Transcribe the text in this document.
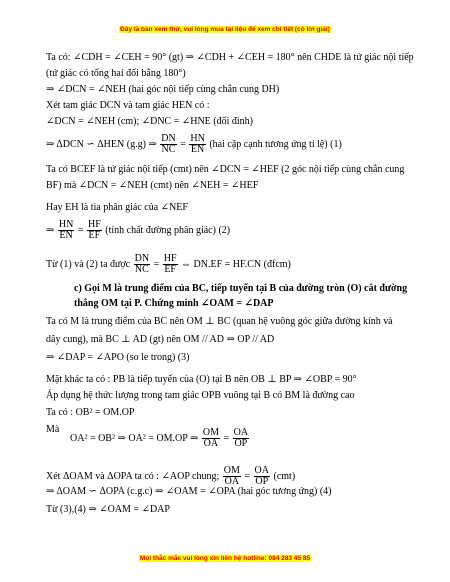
Đây là bản xem thử, vui lòng mua tài liệu để xem chi tiết (có lời giải)
Ta có: ∠CDH = ∠CEH = 90° (gt) ⇒ ∠CDH + ∠CEH = 180° nên CHDE là tứ giác nội tiếp
(tứ giác có tổng hai đối bằng 180°)
⇒ ∠DCN = ∠NEH (hai góc nội tiếp cùng chắn cung DH)
Xét tam giác DCN và tam giác HEN có :
∠DCN = ∠NEH (cm); ∠DNC = ∠HNE (đối đỉnh)
⇒ ΔDCN ∽ ΔHEN (g.g) ⇒ $\frac{DN}{NC} = \frac{HN}{EN} (hai$ cặp cạnh tương ứng tỉ lệ) (1)
Ta có BCEF là tứ giác nội tiếp (cmt) nên ∠DCN = ∠HEF (2 góc nội tiếp cùng chắn cung
BF) mà ∠DCN = ∠NEH (cmt) nên ∠NEH = ∠HEF
Hay EH là tia phân giác của ∠NEF
⇒ $\frac{HN}{EN} = \frac{HF}{EF}$ (tính chất đường phân giác) (2)
Từ (1) và (2) ta được $\frac{DN}{NC} = \frac{HF}{EF}$ ⇔ DN.EF = HF.CN (đfcm)
c) Gọi M là trung điểm của BC, tiếp tuyến tại B của đường tròn (O) cắt đường
thẳng OM tại P. Chứng minh ∠OAM = ∠DAP
Ta có M là trung điểm của BC nên OM ⊥ BC (quan hệ vuông góc giữa đường kính và
dây cung), mà BC ⊥ AD (gt) nên OM // AD ⇒ OP // AD
⇒ ∠DAP = ∠APO (so le trong) (3)
Mặt khác ta có : PB là tiếp tuyến của (O) tại B nên OB ⊥ BP ⇒ ∠OBP = 90°
Áp dụng hệ thức lượng trong tam giác OPB vuông tại B có BM là đường cao
Ta có : OB² = OM.OP
Mà
OA² = OB² ⇒ OA² = OM.OP ⇒ $\frac{OM}{OA} = \frac{OA}{OP}$
Xét ΔOAM và ΔOPA ta có : ∠AOP chung; $\frac{OM}{OA} = \frac{OA}{OP} (cmt)$
⇒ ΔOAM ∽ ΔOPA (c.g.c) ⇒ ∠OAM = ∠OPA (hai góc tương ứng) (4)
Từ (3),(4) ⇒ ∠OAM = ∠DAP
Mọi thắc mắc vui lòng xin liên hệ hotline: 084 283 45 85
